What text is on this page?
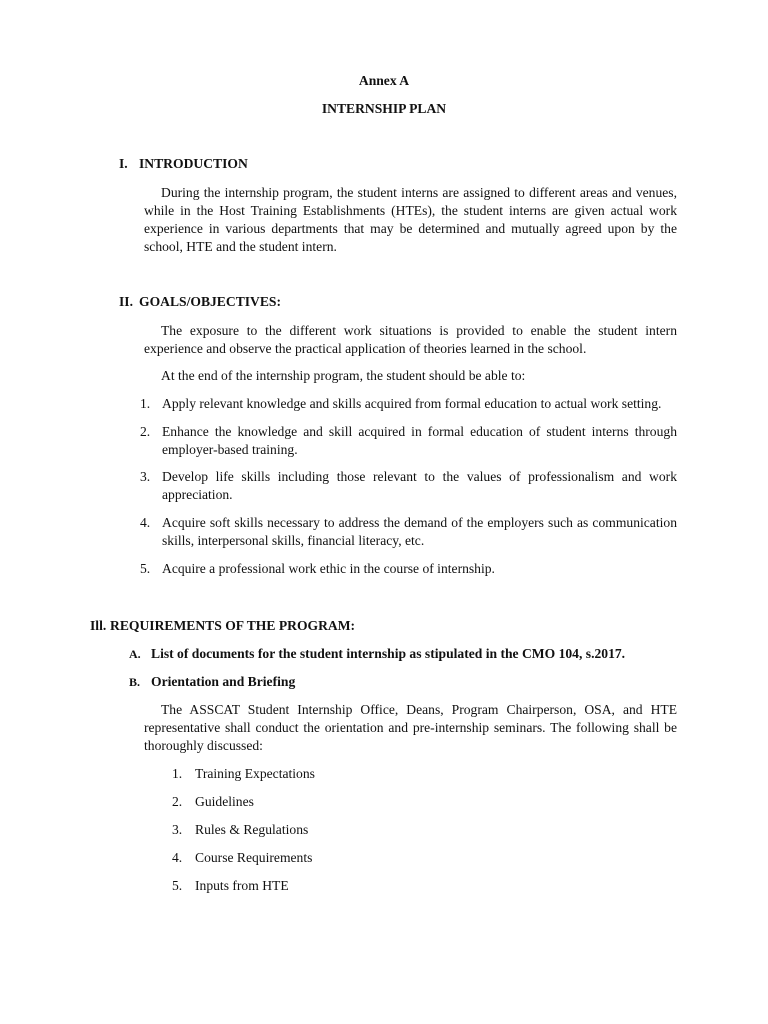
Annex A
INTERNSHIP PLAN
I. INTRODUCTION
During the internship program, the student interns are assigned to different areas and venues, while in the Host Training Establishments (HTEs), the student interns are given actual work experience in various departments that may be determined and mutually agreed upon by the school, HTE and the student intern.
II. GOALS/OBJECTIVES:
The exposure to the different work situations is provided to enable the student intern experience and observe the practical application of theories learned in the school.
At the end of the internship program, the student should be able to:
1. Apply relevant knowledge and skills acquired from formal education to actual work setting.
2. Enhance the knowledge and skill acquired in formal education of student interns through employer-based training.
3. Develop life skills including those relevant to the values of professionalism and work appreciation.
4. Acquire soft skills necessary to address the demand of the employers such as communication skills, interpersonal skills, financial literacy, etc.
5. Acquire a professional work ethic in the course of internship.
Ill. REQUIREMENTS OF THE PROGRAM:
A. List of documents for the student internship as stipulated in the CMO 104, s.2017.
B. Orientation and Briefing
The ASSCAT Student Internship Office, Deans, Program Chairperson, OSA, and HTE representative shall conduct the orientation and pre-internship seminars. The following shall be thoroughly discussed:
1. Training Expectations
2. Guidelines
3. Rules & Regulations
4. Course Requirements
5. Inputs from HTE
